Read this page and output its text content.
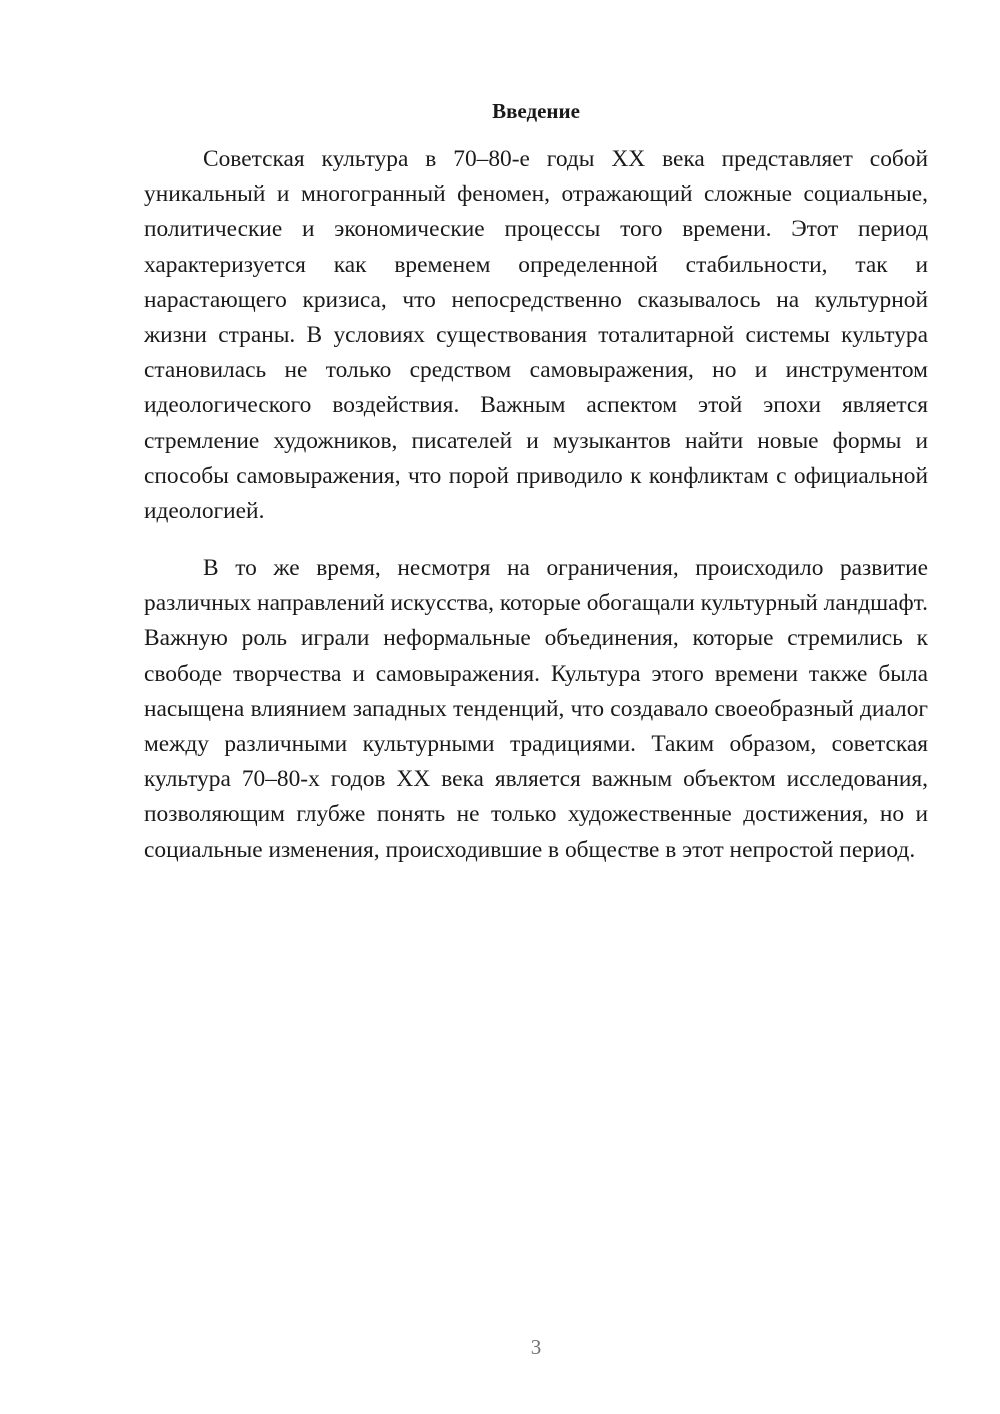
Введение

Советская культура в 70–80-е годы XX века представляет собой уникальный и многогранный феномен, отражающий сложные социальные, политические и экономические процессы того времени. Этот период характеризуется как временем определенной стабильности, так и нарастающего кризиса, что непосредственно сказывалось на культурной жизни страны. В условиях существования тоталитарной системы культура становилась не только средством самовыражения, но и инструментом идеологического воздействия. Важным аспектом этой эпохи является стремление художников, писателей и музыкантов найти новые формы и способы самовыражения, что порой приводило к конфликтам с официальной идеологией.

В то же время, несмотря на ограничения, происходило развитие различных направлений искусства, которые обогащали культурный ландшафт. Важную роль играли неформальные объединения, которые стремились к свободе творчества и самовыражения. Культура этого времени также была насыщена влиянием западных тенденций, что создавало своеобразный диалог между различными культурными традициями. Таким образом, советская культура 70–80-х годов XX века является важным объектом исследования, позволяющим глубже понять не только художественные достижения, но и социальные изменения, происходившие в обществе в этот непростой период.

3
